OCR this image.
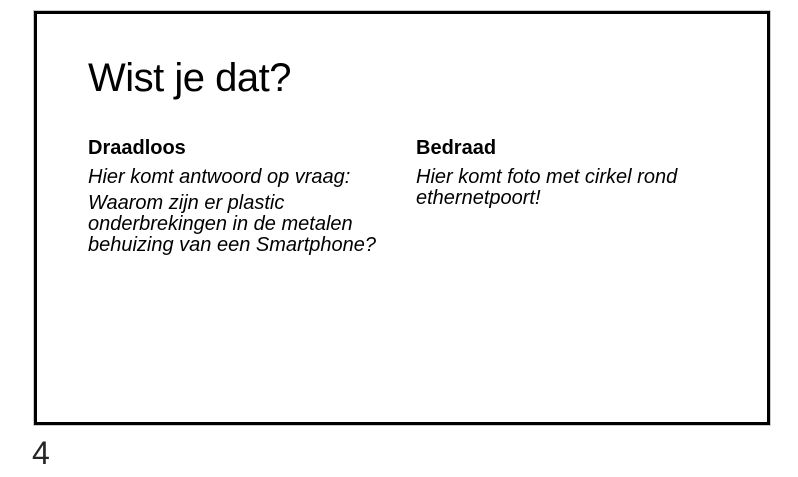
Wist je dat?
Draadloos

Hier komt antwoord op vraag:

Waarom zijn er plastic onderbrekingen in de metalen behuizing van een Smartphone?

Bedraad

Hier komt foto met cirkel rond ethernetpoort!

4
